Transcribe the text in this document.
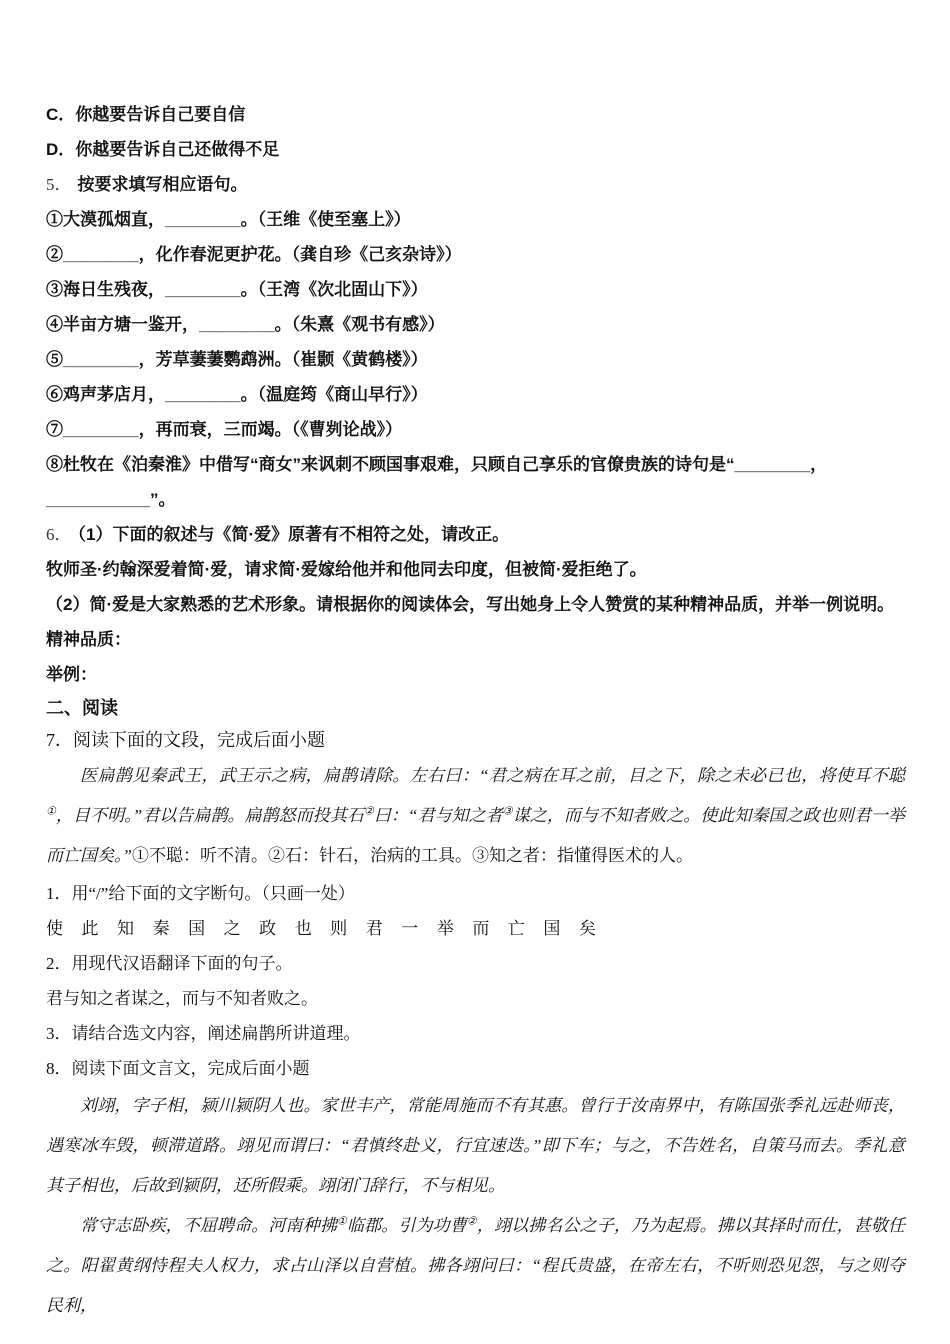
C．你越要告诉自己要自信

D．你越要告诉自己还做得不足

5． 按要求填写相应语句。

①大漠孤烟直，________。（王维《使至塞上》）

②________，化作春泥更护花。（龚自珍《己亥杂诗》）

③海日生残夜，________。（王湾《次北固山下》）

④半亩方塘一鉴开，________。（朱熹《观书有感》）

⑤________，芳草萋萋鹦鹉洲。（崔颢《黄鹤楼》）

⑥鸡声茅店月，________。（温庭筠《商山早行》）

⑦________，再而衰，三而竭。（《曹刿论战》）

⑧杜牧在《泊秦淮》中借写“商女”来讽刺不顾国事艰难，只顾自己享乐的官僚贵族的诗句是“________，___________”。

6． （1）下面的叙述与《简·爱》原著有不相符之处，请改正。

牧师圣·约翰深爱着简·爱，请求简·爱嫁给他并和他同去印度，但被简·爱拒绝了。

（2）简·爱是大家熟悉的艺术形象。请根据你的阅读体会，写出她身上令人赞赏的某种精神品质，并举一例说明。

精神品质：

举例：

二、阅读

7．阅读下面的文段，完成后面小题

医扁鹊见秦武王，武王示之病，扁鹊请除。左右曰：“君之病在耳之前，目之下，除之未必已也，将使耳不聪①，目不明。”君以告扁鹊。扁鹊怒而投其石②曰：“君与知之者③谋之，而与不知者败之。使此知秦国之政也则君一举而亡国矣。”①不聪：听不清。②石：针石，治病的工具。③知之者：指懂得医术的人。

1．用“/”给下面的文字断句。（只画一处）

使 此 知 秦 国 之 政 也 则 君 一 举 而 亡 国 矣

2．用现代汉语翻译下面的句子。

君与知之者谋之，而与不知者败之。

3．请结合选文内容，阐述扁鹊所讲道理。

8．阅读下面文言文，完成后面小题

刘翊，字子相，颍川颍阴人也。家世丰产，常能周施而不有其惠。曾行于汝南界中，有陈国张季礼远赴师丧，遇寒冰车毁，顿滞道路。翊见而谓曰：“君慎终赴义，行宜速迭。”即下车；与之，不告姓名，自策马而去。季礼意其子相也，后故到颍阴，还所假乘。翊闭门辞行，不与相见。

常守志卧疾，不屈聘命。河南种拂①临郡。引为功曹②，翊以拂名公之子，乃为起焉。拂以其择时而仕，甚敬任之。阳翟黄纲恃程夫人权力，求占山泽以自营植。拂各翊问曰：“程氏贵盛，在帝左右，不听则恐见怨，与之则夺民利，
